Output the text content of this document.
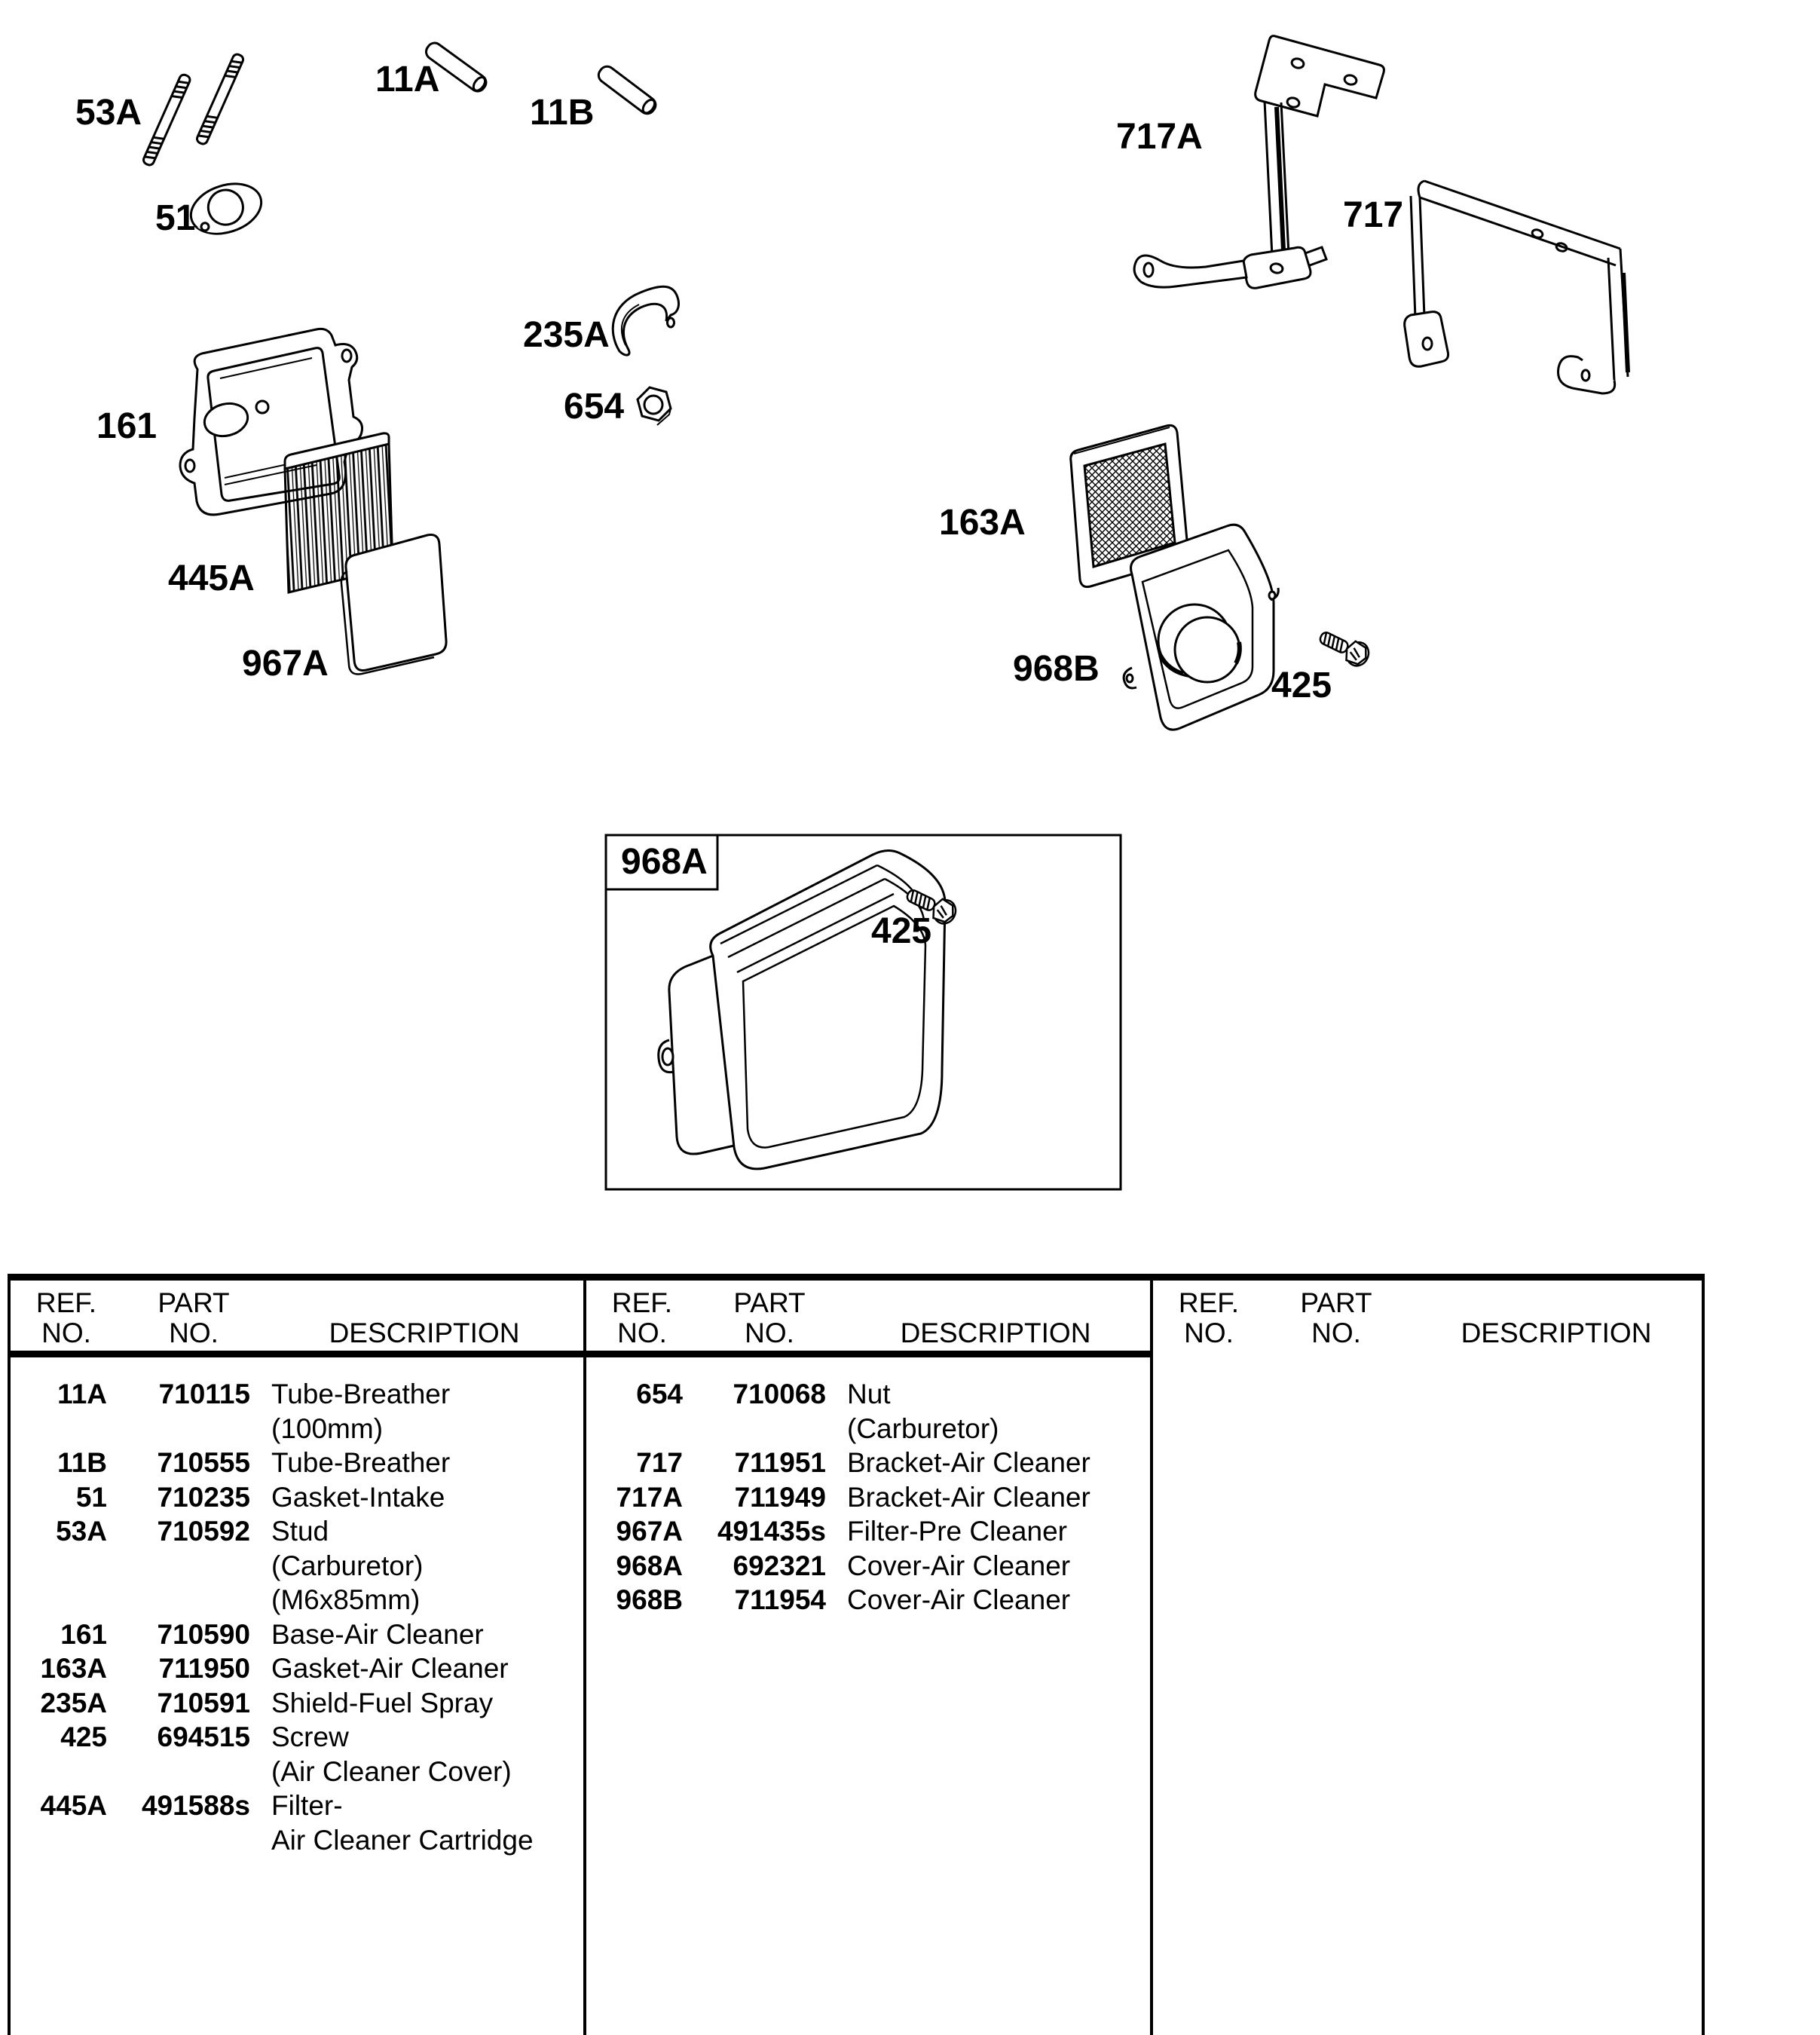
53A
11A
11B
51
235A
654
161
445A
967A
163A
968B	425
717A
717
968A
425
REF.
NO.
PART
NO.	DESCRIPTION
11A	710115 Tube-Breather
(100mm)
11B	710555 Tube-Breather
51	710235 Gasket-Intake
53A	710592 Stud
(Carburetor)
(M6x85mm)
161	710590 Base-Air Cleaner
163A	711950 Gasket-Air Cleaner
235A	710591 Shield-Fuel Spray
425	694515 Screw
(Air Cleaner Cover)
445A	491588s Filter-
Air Cleaner Cartridge
REF.
NO.
PART
NO.	DESCRIPTION
654	710068 Nut
(Carburetor)
717	711951 Bracket-Air Cleaner
717A	711949 Bracket-Air Cleaner
967A	491435s Filter-Pre Cleaner
968A	692321 Cover-Air Cleaner
968B	711954 Cover-Air Cleaner
REF.
NO.
PART
NO.	DESCRIPTION
